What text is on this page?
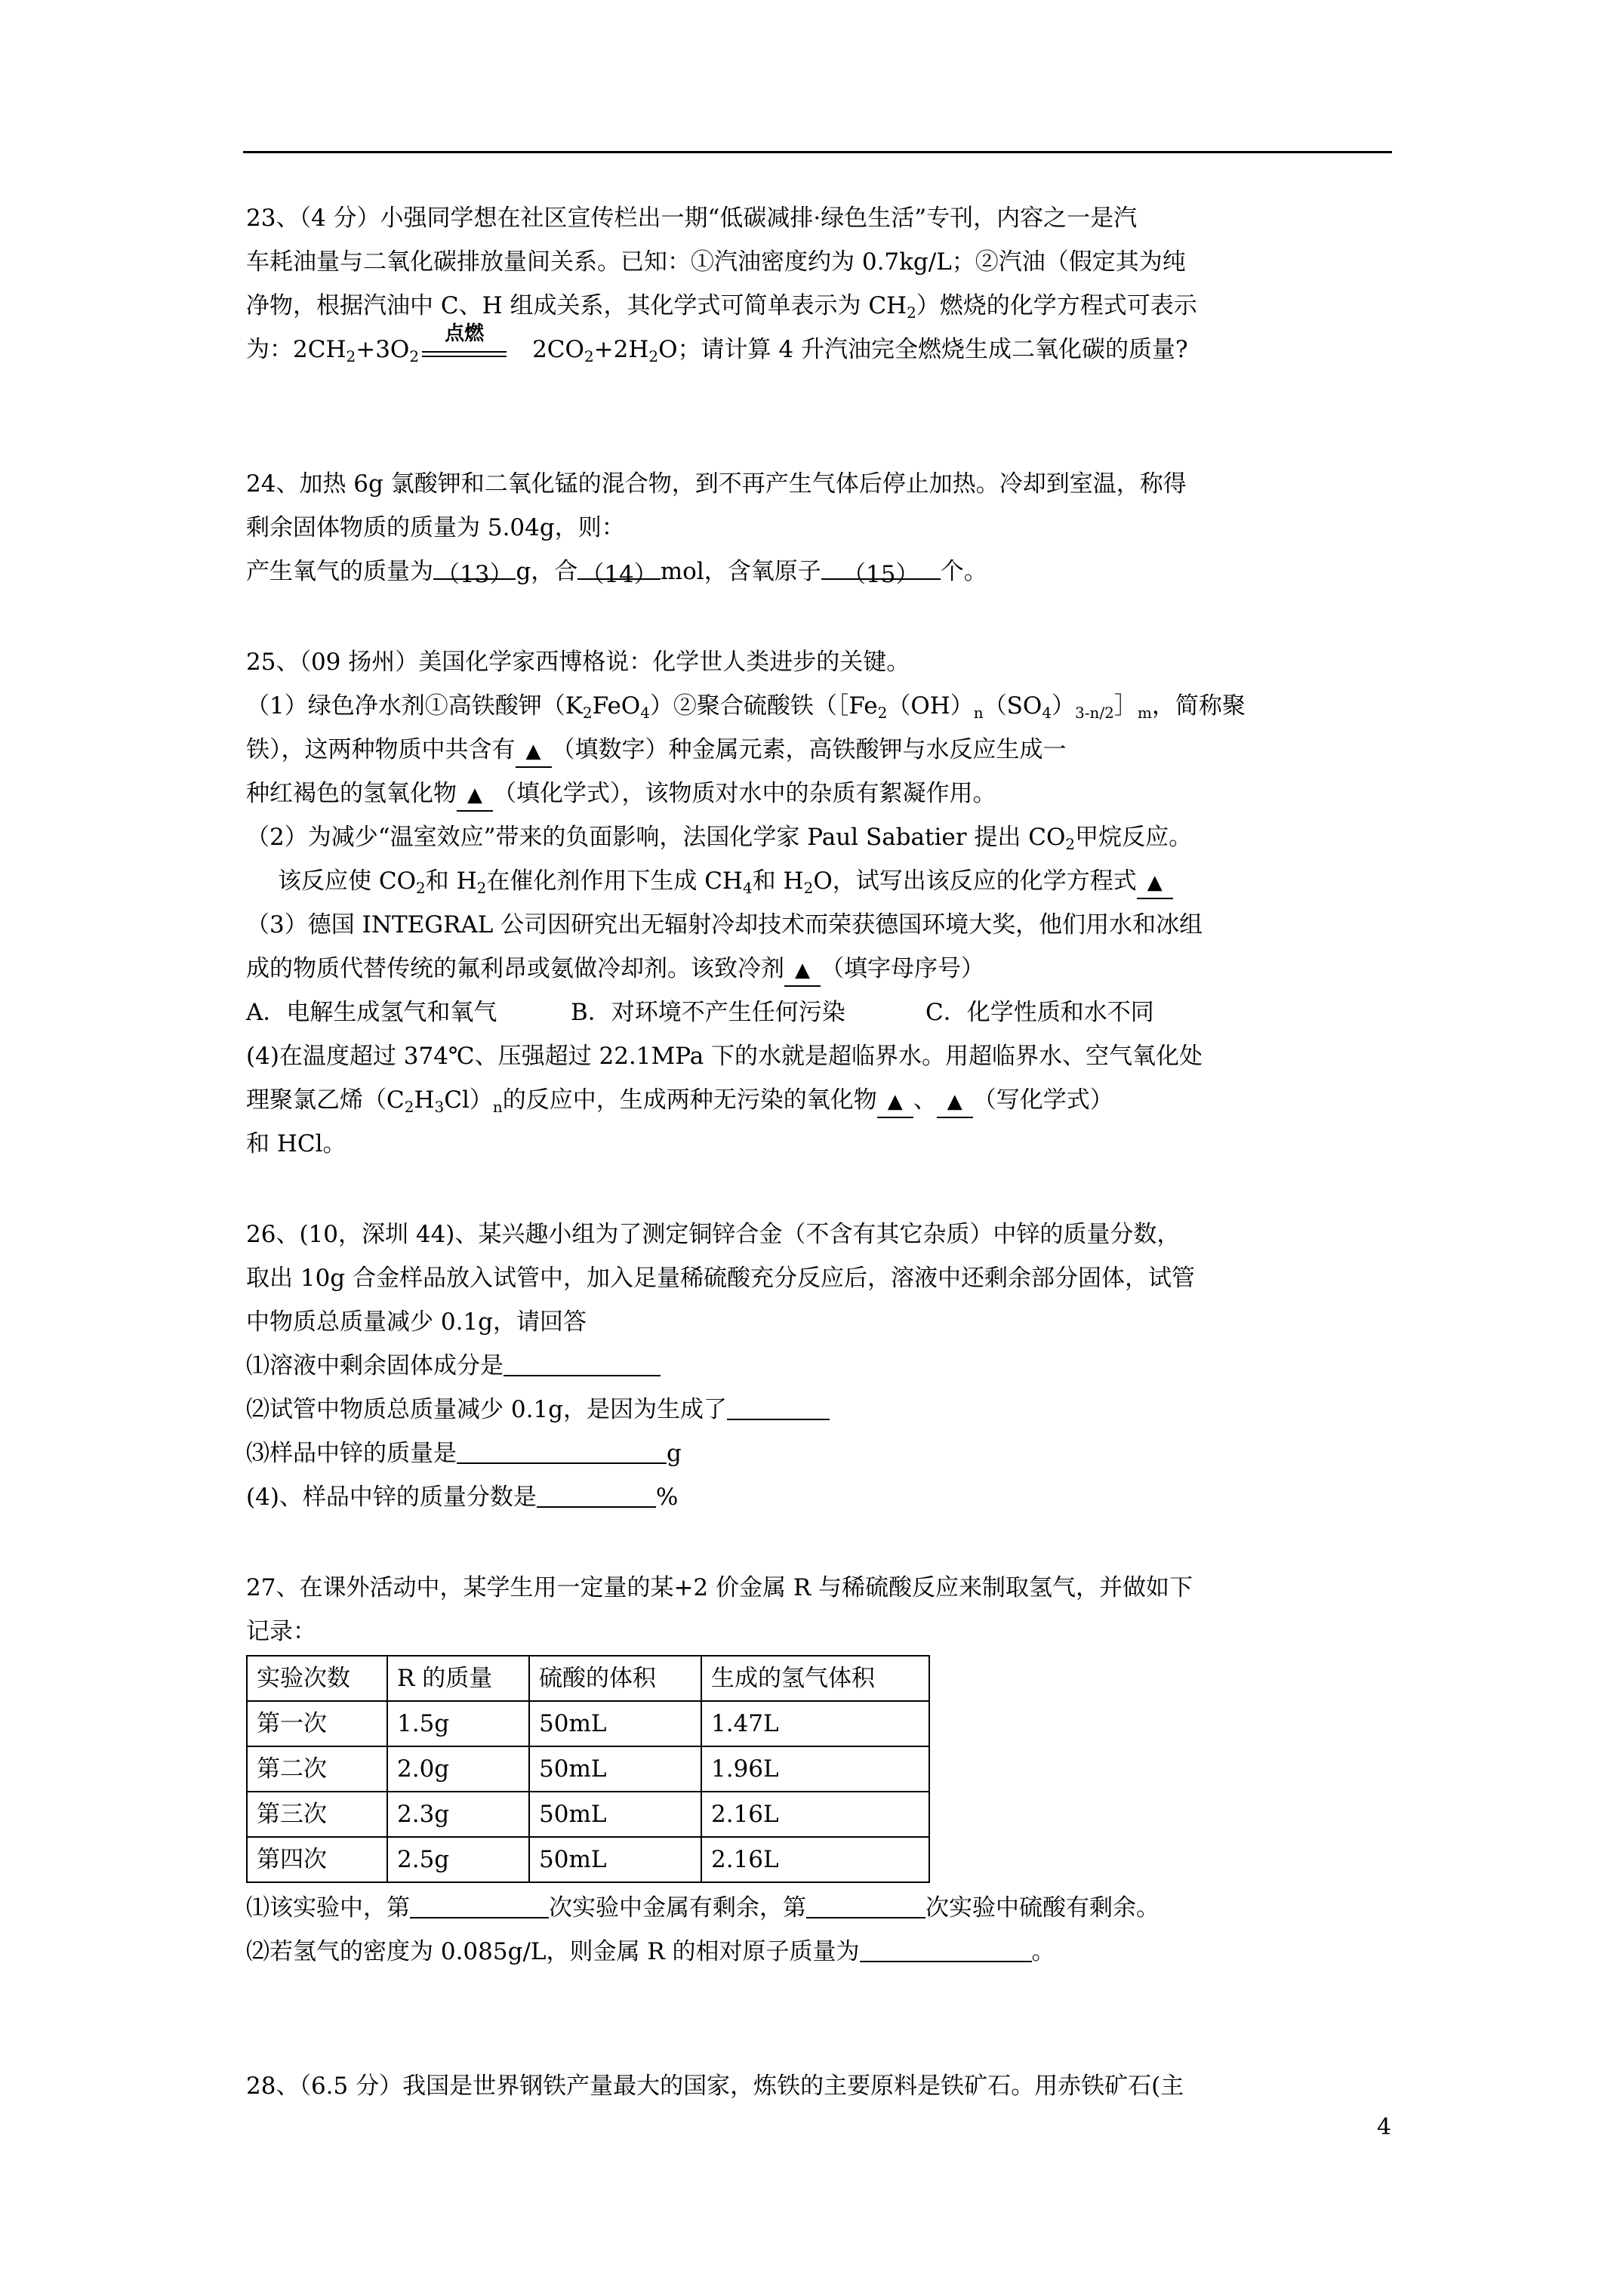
23、（4 分）小强同学想在社区宣传栏出一期“低碳减排·绿色生活”专刊，内容之一是汽
车耗油量与二氧化碳排放量间关系。已知：①汽油密度约为 0.7kg/L；②汽油（假定其为纯
净物，根据汽油中 C、H 组成关系，其化学式可简单表示为 $CH_2$）燃烧的化学方程式可表示
为：$2CH_2+3O_2$
点燃
$2CO_2+2H_2O$；请计算 4 升汽油完全燃烧生成二氧化碳的质量?
24、加热 6g 氯酸钾和二氧化锰的混合物，到不再产生气体后停止加热。冷却到室温，称得
剩余固体物质的质量为 5.04g，则：
产生氧气的质量为 （13） g，合 （14） mol，含氧原子 （15） 个。
25、（09 扬州）美国化学家西博格说：化学世人类进步的关键。
（1）绿色净水剂①高铁酸钾$(K_2FeO_4)②$聚合硫酸铁（$[Fe_2(OH)_n(SO_4)_{3-n/2}]_m$，简称聚
铁），这两种物质中共含有 ▲ （填数字）种金属元素，高铁酸钾与水反应生成一
种红褐色的氢氧化物 ▲ （填化学式），该物质对水中的杂质有絮凝作用。
（2）为减少“温室效应”带来的负面影响，法国化学家 Paul Sabatier 提出 $CO_2$甲烷反应。
该反应使 $CO_2$和 $H_2$在催化剂作用下生成 $CH_4$和 $H_2O$，试写出该反应的化学方程式 ▲
（3）德国 INTEGRAL 公司因研究出无辐射冷却技术而荣获德国环境大奖，他们用水和冰组
成的物质代替传统的氟利昂或氨做冷却剂。该致冷剂 ▲ （填字母序号）
A．电解生成氢气和氧气	B．对环境不产生任何污染	C．化学性质和水不同
(4)在温度超过 374℃、压强超过 22.1MPa 下的水就是超临界水。用超临界水、空气氧化处
理聚氯乙烯$(C_2H_3Cl)_n$的反应中，生成两种无污染的氧化物 ▲ 、 ▲ （写化学式）
和 HCl。
26、(10，深圳 44)、某兴趣小组为了测定铜锌合金（不含有其它杂质）中锌的质量分数，
取出 10g 合金样品放入试管中，加入足量稀硫酸充分反应后，溶液中还剩余部分固体，试管
中物质总质量减少 0.1g，请回答
⑴溶液中剩余固体成分是
⑵试管中物质总质量减少 0.1g，是因为生成了
⑶样品中锌的质量是	g
(4)、样品中锌的质量分数是	%
27、在课外活动中，某学生用一定量的某+2 价金属 R 与稀硫酸反应来制取氢气，并做如下
记录：
实验次数	R 的质量	硫酸的体积	生成的氢气体积
第一次	1.5g	50mL	1.47L
第二次	2.0g	50mL	1.96L
第三次	2.3g	50mL	2.16L
第四次	2.5g	50mL	2.16L
⑴该实验中，第	次实验中金属有剩余，第	次实验中硫酸有剩余。
⑵若氢气的密度为 0.085g/L，则金属 R 的相对原子质量为	。
28、（6.5 分）我国是世界钢铁产量最大的国家，炼铁的主要原料是铁矿石。用赤铁矿石(主
4
